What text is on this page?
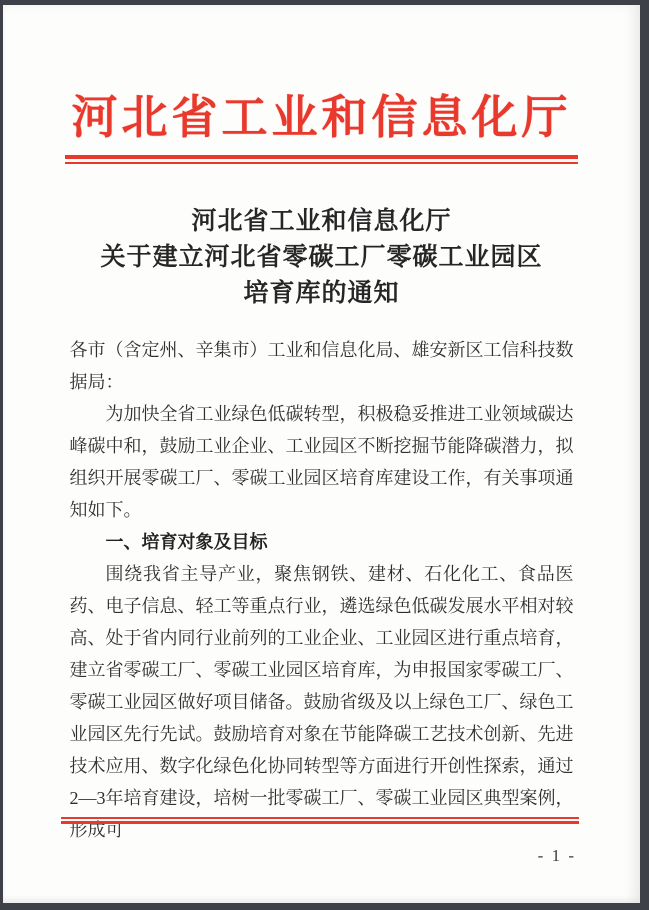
河北省工业和信息化厅
河北省工业和信息化厅
关于建立河北省零碳工厂零碳工业园区
培育库的通知

各市（含定州、辛集市）工业和信息化局、雄安新区工信科技数据局：

为加快全省工业绿色低碳转型，积极稳妥推进工业领域碳达峰碳中和，鼓励工业企业、工业园区不断挖掘节能降碳潜力，拟组织开展零碳工厂、零碳工业园区培育库建设工作，有关事项通知如下。

一、培育对象及目标

围绕我省主导产业，聚焦钢铁、建材、石化化工、食品医药、电子信息、轻工等重点行业，遴选绿色低碳发展水平相对较高、处于省内同行业前列的工业企业、工业园区进行重点培育，建立省零碳工厂、零碳工业园区培育库，为申报国家零碳工厂、零碳工业园区做好项目储备。鼓励省级及以上绿色工厂、绿色工业园区先行先试。鼓励培育对象在节能降碳工艺技术创新、先进技术应用、数字化绿色化协同转型等方面进行开创性探索，通过2—3年培育建设，培树一批零碳工厂、零碳工业园区典型案例，形成可

- 1 -
